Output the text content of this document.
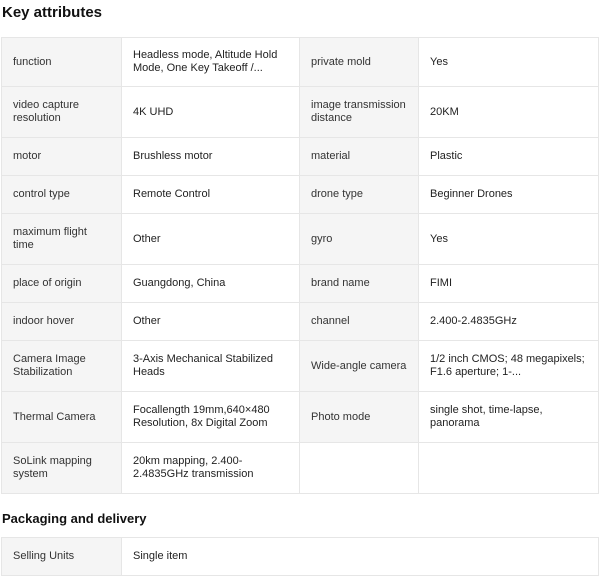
Key attributes
function	Headless mode, Altitude Hold Mode, One Key Takeoff /...	private mold	Yes

video capture resolution	4K UHD	image transmission distance	20KM

motor	Brushless motor	material	Plastic

control type	Remote Control	drone type	Beginner Drones

maximum flight time	Other	gyro	Yes

place of origin	Guangdong, China	brand name	FIMI

indoor hover	Other	channel	2.400-2.4835GHz

Camera Image Stabilization	3-Axis Mechanical Stabilized Heads	Wide-angle camera	1/2 inch CMOS; 48 megapixels; F1.6 aperture; 1-...

Thermal Camera	Focallength 19mm,640×480 Resolution, 8x Digital Zoom	Photo mode	single shot, time-lapse, panorama

SoLink mapping system	20km mapping, 2.400-2.4835GHz transmission		

Packaging and delivery
Selling Units	Single item
